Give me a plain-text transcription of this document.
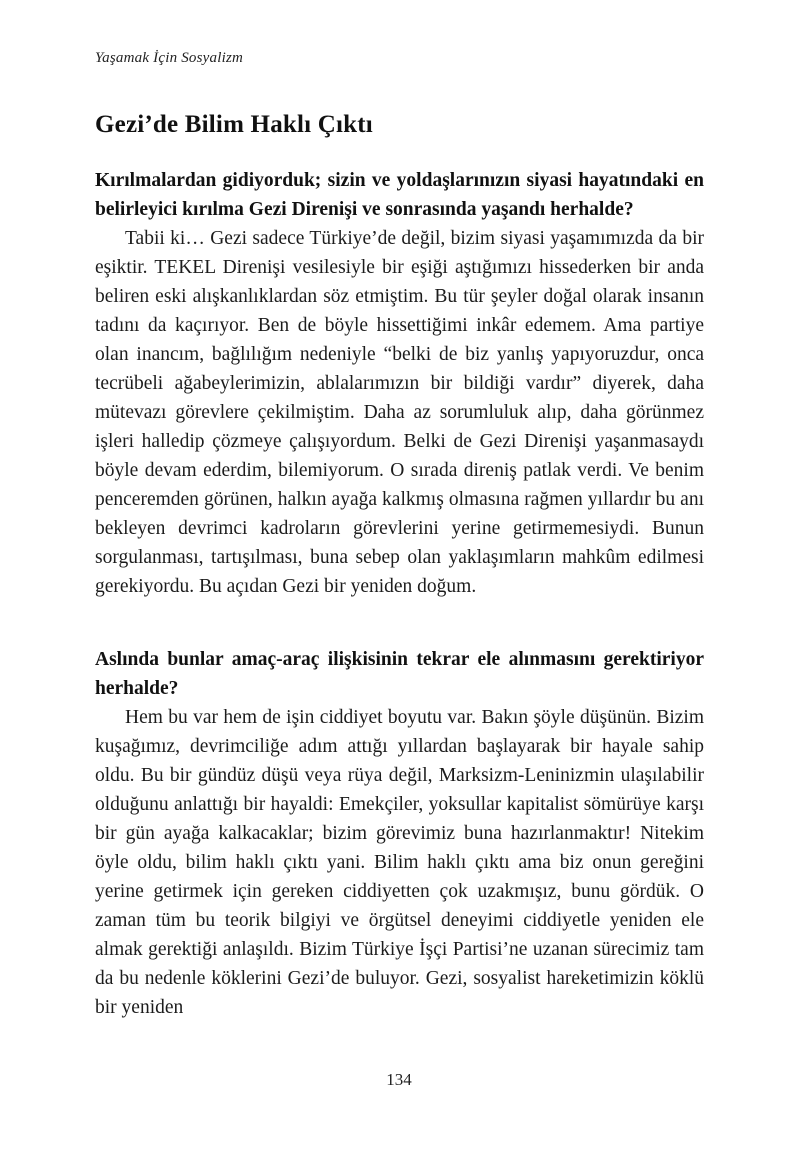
Yaşamak İçin Sosyalizm
Gezi’de Bilim Haklı Çıktı

Kırılmalardan gidiyorduk; sizin ve yoldaşlarınızın siyasi hayatındaki en belirleyici kırılma Gezi Direnişi ve sonrasında yaşandı herhalde?

Tabii ki… Gezi sadece Türkiye’de değil, bizim siyasi yaşamımızda da bir eşiktir. TEKEL Direnişi vesilesiyle bir eşiği aştığımızı hissederken bir anda beliren eski alışkanlıklardan söz etmiştim. Bu tür şeyler doğal olarak insanın tadını da kaçırıyor. Ben de böyle hissettiğimi inkâr edemem. Ama partiye olan inancım, bağlılığım nedeniyle “belki de biz yanlış yapıyoruzdur, onca tecrübeli ağabeylerimizin, ablalarımızın bir bildiği vardır” diyerek, daha mütevazı görevlere çekilmiştim. Daha az sorumluluk alıp, daha görünmez işleri halledip çözmeye çalışıyordum. Belki de Gezi Direnişi yaşanmasaydı böyle devam ederdim, bilemiyorum. O sırada direniş patlak verdi. Ve benim penceremden görünen, halkın ayağa kalkmış olmasına rağmen yıllardır bu anı bekleyen devrimci kadroların görevlerini yerine getirmemesiydi. Bunun sorgulanması, tartışılması, buna sebep olan yaklaşımların mahkûm edilmesi gerekiyordu. Bu açıdan Gezi bir yeniden doğum.

Aslında bunlar amaç-araç ilişkisinin tekrar ele alınmasını gerektiriyor herhalde?

Hem bu var hem de işin ciddiyet boyutu var. Bakın şöyle düşünün. Bizim kuşağımız, devrimciliğe adım attığı yıllardan başlayarak bir hayale sahip oldu. Bu bir gündüz düşü veya rüya değil, Marksizm-Leninizmin ulaşılabilir olduğunu anlattığı bir hayaldi: Emekçiler, yoksullar kapitalist sömürüye karşı bir gün ayağa kalkacaklar; bizim görevimiz buna hazırlanmaktır! Nitekim öyle oldu, bilim haklı çıktı yani. Bilim haklı çıktı ama biz onun gereğini yerine getirmek için gereken ciddiyetten çok uzakmışız, bunu gördük. O zaman tüm bu teorik bilgiyi ve örgütsel deneyimi ciddiyetle yeniden ele almak gerektiği anlaşıldı. Bizim Türkiye İşçi Partisi’ne uzanan sürecimiz tam da bu nedenle köklerini Gezi’de buluyor. Gezi, sosyalist hareketimizin köklü bir yeniden

134
